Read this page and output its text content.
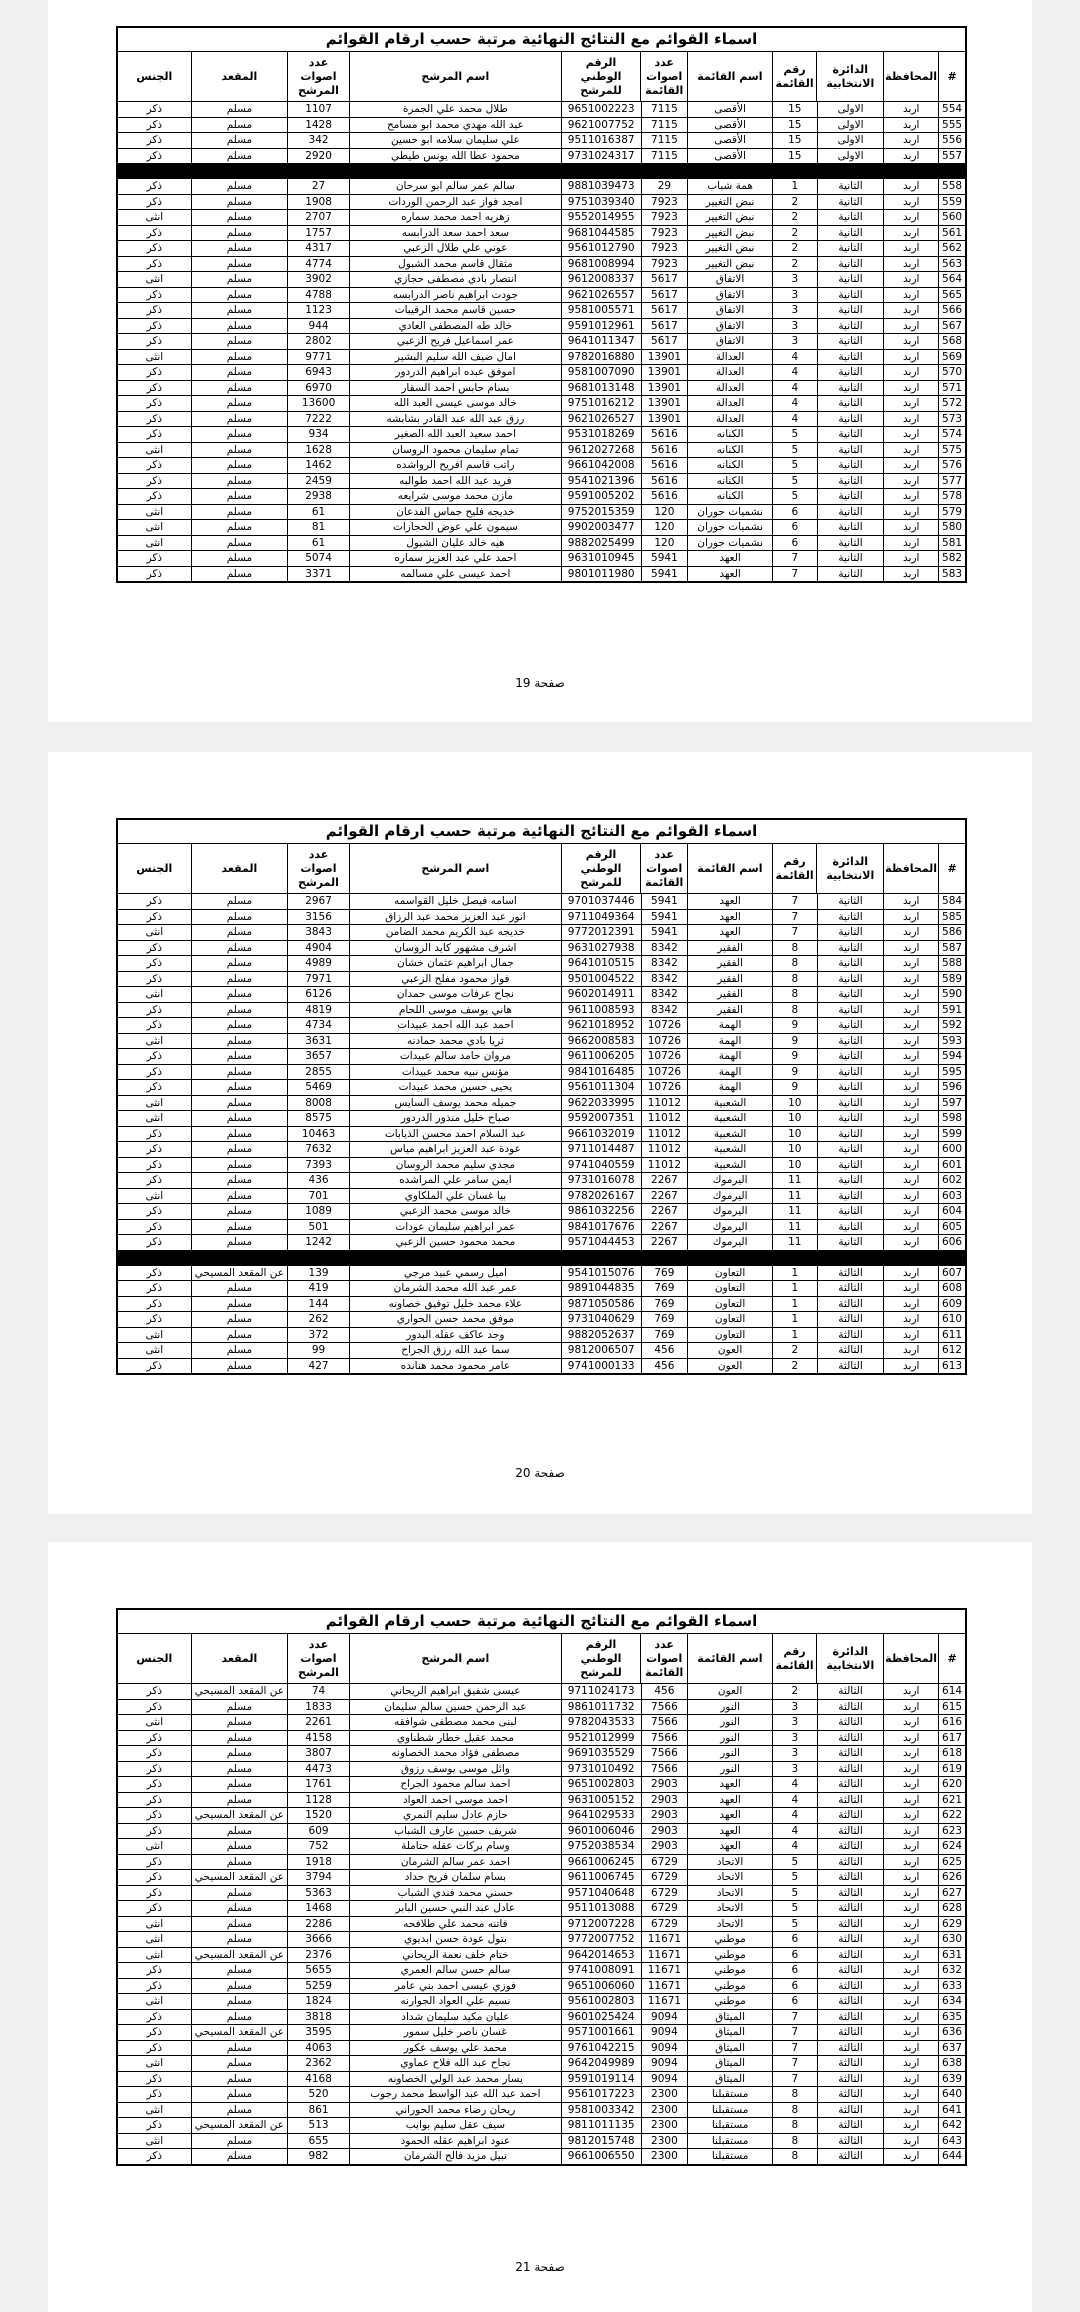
اسماء القوائم مع النتائج النهائية مرتبة حسب ارقام القوائم
#
المحافظة
الدائرة الانتخابية
رقم القائمة
اسم القائمة
عدد اصوات القائمة
الرقم الوطني للمرشح
اسم المرشح
عدد اصوات المرشح
المقعد
الجنس
554
اربد
الاولى
15
الأقصى
7115
9651002223
طلال محمد علي الجمرة
1107
مسلم
ذكر
555
اربد
الاولى
15
الأقصى
7115
9621007752
عبد الله مهدي محمد ابو مسامح
1428
مسلم
ذكر
556
اربد
الاولى
15
الأقصى
7115
9511016387
علي سليمان سلامه ابو حسين
342
مسلم
ذكر
557
اربد
الاولى
15
الأقصى
7115
9731024317
محمود عطا الله يونس طيطي
2920
مسلم
ذكر
558
اربد
الثانية
1
همة شباب
29
9881039473
سالم عمر سالم ابو سرحان
27
مسلم
ذكر
559
اربد
الثانية
2
نبض التغيير
7923
9751039340
امجد فواز عبد الرحمن الوردات
1908
مسلم
ذكر
560
اربد
الثانية
2
نبض التغيير
7923
9552014955
زهريه احمد محمد سماره
2707
مسلم
انثى
561
اربد
الثانية
2
نبض التغيير
7923
9681044585
سعد احمد سعد الدرابسه
1757
مسلم
ذكر
562
اربد
الثانية
2
نبض التغيير
7923
9561012790
عوني علي طلال الزعبي
4317
مسلم
ذكر
563
اربد
الثانية
2
نبض التغيير
7923
9681008994
مثقال قاسم محمد الشبول
4774
مسلم
ذكر
564
اربد
الثانية
3
الاتفاق
5617
9612008337
انتصار بادي مصطفى حجازي
3902
مسلم
انثى
565
اربد
الثانية
3
الاتفاق
5617
9621026557
جودت ابراهيم ناصر الدرابسه
4788
مسلم
ذكر
566
اربد
الثانية
3
الاتفاق
5617
9581005571
حسين قاسم محمد الرقيبات
1123
مسلم
ذكر
567
اربد
الثانية
3
الاتفاق
5617
9591012961
خالد طه المصطفى العادي
944
مسلم
ذكر
568
اربد
الثانية
3
الاتفاق
5617
9641011347
عمر اسماعيل فريح الزعبي
2802
مسلم
ذكر
569
اربد
الثانية
4
العدالة
13901
9782016880
امال ضيف الله سليم البشير
9771
مسلم
انثى
570
اربد
الثانية
4
العدالة
13901
9581007090
اموفق عبده ابراهيم الدردور
6943
مسلم
ذكر
571
اربد
الثانية
4
العدالة
13901
9681013148
بسام حابس احمد السقار
6970
مسلم
ذكر
572
اربد
الثانية
4
العدالة
13901
9751016212
خالد موسى عيسى العبد الله
13600
مسلم
ذكر
573
اربد
الثانية
4
العدالة
13901
9621026527
رزق عبد الله عبد القادر بشابشه
7222
مسلم
ذكر
574
اربد
الثانية
5
الكنانه
5616
9531018269
احمد سعيد العبد الله الصغير
934
مسلم
ذكر
575
اربد
الثانية
5
الكنانه
5616
9612027268
تمام سليمان محمود الروسان
1628
مسلم
انثى
576
اربد
الثانية
5
الكنانه
5616
9661042008
راتب قاسم افريح الرواشده
1462
مسلم
ذكر
577
اربد
الثانية
5
الكنانه
5616
9541021396
فريد عبد الله احمد طوالبه
2459
مسلم
ذكر
578
اربد
الثانية
5
الكنانه
5616
9591005202
مازن محمد موسى شرايعه
2938
مسلم
ذكر
579
اربد
الثانية
6
نشميات حوران
120
9752015359
خديجه فليح جماس الفدعان
61
مسلم
انثى
580
اربد
الثانية
6
نشميات حوران
120
9902003477
سيمون علي عوض الحجازات
81
مسلم
انثى
581
اربد
الثانية
6
نشميات حوران
120
9882025499
هيه خالد عليان الشبول
61
مسلم
انثى
582
اربد
الثانية
7
العهد
5941
9631010945
احمد علي عبد العزيز سماره
5074
مسلم
ذكر
583
اربد
الثانية
7
العهد
5941
9801011980
احمد عيسى علي مسالمه
3371
مسلم
ذكر
صفحة 19
اسماء القوائم مع النتائج النهائية مرتبة حسب ارقام القوائم
#
المحافظة
الدائرة الانتخابية
رقم القائمة
اسم القائمة
عدد اصوات القائمة
الرقم الوطني للمرشح
اسم المرشح
عدد اصوات المرشح
المقعد
الجنس
584
اربد
الثانية
7
العهد
5941
9701037446
اسامه فيصل خليل القواسمه
2967
مسلم
ذكر
585
اربد
الثانية
7
العهد
5941
9711049364
انور عبد العزيز محمد عبد الرزاق
3156
مسلم
ذكر
586
اربد
الثانية
7
العهد
5941
9772012391
خديجه عبد الكريم محمد الضامن
3843
مسلم
انثى
587
اربد
الثانية
8
الفقير
8342
9631027938
اشرف مشهور كايد الروسان
4904
مسلم
ذكر
588
اربد
الثانية
8
الفقير
8342
9641010515
جمال ابراهيم عثمان خشان
4989
مسلم
ذكر
589
اربد
الثانية
8
الفقير
8342
9501004522
فواز محمود مفلح الزعبي
7971
مسلم
ذكر
590
اربد
الثانية
8
الفقير
8342
9602014911
نجاح عرفات موسى حمدان
6126
مسلم
انثى
591
اربد
الثانية
8
الفقير
8342
9611008593
هاني يوسف موسى اللحام
4819
مسلم
ذكر
592
اربد
الثانية
9
الهمة
10726
9621018952
احمد عبد الله احمد عبيدات
4734
مسلم
ذكر
593
اربد
الثانية
9
الهمة
10726
9662008583
ثريا بادي محمد حمادنه
3631
مسلم
انثى
594
اربد
الثانية
9
الهمة
10726
9611006205
مروان حامد سالم عبيدات
3657
مسلم
ذكر
595
اربد
الثانية
9
الهمة
10726
9841016485
مؤنس نبيه محمد عبيدات
2855
مسلم
ذكر
596
اربد
الثانية
9
الهمة
10726
9561011304
يحيى حسين محمد عبيدات
5469
مسلم
ذكر
597
اربد
الثانية
10
الشعبية
11012
9622033995
جميله محمد يوسف السايس
8008
مسلم
انثى
598
اربد
الثانية
10
الشعبية
11012
9592007351
صباح خليل منذور الدردور
8575
مسلم
انثى
599
اربد
الثانية
10
الشعبية
11012
9661032019
عبد السلام احمد محسن الذيابات
10463
مسلم
ذكر
600
اربد
الثانية
10
الشعبية
11012
9711014487
عودة عبد العزيز ابراهيم مياس
7632
مسلم
ذكر
601
اربد
الثانية
10
الشعبية
11012
9741040559
مجدي سليم محمد الروسان
7393
مسلم
ذكر
602
اربد
الثانية
11
اليرموك
2267
9731016078
ايمن سامر علي المراشده
436
مسلم
ذكر
603
اربد
الثانية
11
اليرموك
2267
9782026167
بيا غسان علي الملكاوي
701
مسلم
انثى
604
اربد
الثانية
11
اليرموك
2267
9861032256
خالد موسى محمد الزعبي
1089
مسلم
ذكر
605
اربد
الثانية
11
اليرموك
2267
9841017676
عمر ابراهيم سليمان عودات
501
مسلم
ذكر
606
اربد
الثانية
11
اليرموك
2267
9571044453
محمد محمود حسين الزعبي
1242
مسلم
ذكر
607
اربد
الثالثة
1
التعاون
769
9541015076
اميل رسمي عبيد مرجي
139
عن المقعد المسيحي
ذكر
608
اربد
الثالثة
1
التعاون
769
9891044835
عمر عبد الله محمد الشرمان
419
مسلم
ذكر
609
اربد
الثالثة
1
التعاون
769
9871050586
علاء محمد خليل توفيق خصاونه
144
مسلم
ذكر
610
اربد
الثالثة
1
التعاون
769
9731040629
موفق محمد حسن الحواري
262
مسلم
ذكر
611
اربد
الثالثة
1
التعاون
769
9882052637
وجد عاكف عقله البدور
372
مسلم
انثى
612
اربد
الثالثة
2
العون
456
9812006507
سما عبد الله رزق الجراح
99
مسلم
انثى
613
اربد
الثالثة
2
العون
456
9741000133
عامر محمود محمد هنانده
427
مسلم
ذكر
صفحة 20
اسماء القوائم مع النتائج النهائية مرتبة حسب ارقام القوائم
#
المحافظة
الدائرة الانتخابية
رقم القائمة
اسم القائمة
عدد اصوات القائمة
الرقم الوطني للمرشح
اسم المرشح
عدد اصوات المرشح
المقعد
الجنس
614
اربد
الثالثة
2
العون
456
9711024173
عيسى شفيق ابراهيم الريحاني
74
عن المقعد المسيحي
ذكر
615
اربد
الثالثة
3
النور
7566
9861011732
عبد الرحمن حسين سالم سليمان
1833
مسلم
ذكر
616
اربد
الثالثة
3
النور
7566
9782043533
لبنى محمد مصطفى شوافقه
2261
مسلم
انثى
617
اربد
الثالثة
3
النور
7566
9521012999
محمد عقيل خطار شطناوي
4158
مسلم
ذكر
618
اربد
الثالثة
3
النور
7566
9691035529
مصطفى فؤاد محمد الخصاونه
3807
مسلم
ذكر
619
اربد
الثالثة
3
النور
7566
9731010492
وائل موسى يوسف رزوق
4473
مسلم
ذكر
620
اربد
الثالثة
4
العهد
2903
9651002803
احمد سالم محمود الجراح
1761
مسلم
ذكر
621
اربد
الثالثة
4
العهد
2903
9631005152
احمد موسى احمد العواد
1128
مسلم
ذكر
622
اربد
الثالثة
4
العهد
2903
9641029533
حازم عادل سليم النمري
1520
عن المقعد المسيحي
ذكر
623
اربد
الثالثة
4
العهد
2903
9601006046
شريف حسين عارف الشباب
609
مسلم
ذكر
624
اربد
الثالثة
4
العهد
2903
9752038534
وسام بركات عقله حتاملة
752
مسلم
انثى
625
اربد
الثالثة
5
الاتحاد
6729
9661006245
احمد عمر سالم الشرمان
1918
مسلم
ذكر
626
اربد
الثالثة
5
الاتحاد
6729
9611006745
بسام سلمان فريح حداد
3794
عن المقعد المسيحي
ذكر
627
اربد
الثالثة
5
الاتحاد
6729
9571040648
حسني محمد فندي الشباب
5363
مسلم
ذكر
628
اربد
الثالثة
5
الاتحاد
6729
9511013088
عادل عبد النبي حسين البابر
1468
مسلم
ذكر
629
اربد
الثالثة
5
الاتحاد
6729
9712007228
فاتنه محمد علي طلافحه
2286
مسلم
انثى
630
اربد
الثالثة
6
موطني
11671
9772007752
بتول عودة حسن ابديوي
3666
مسلم
انثى
631
اربد
الثالثة
6
موطني
11671
9642014653
ختام خلف نعمة الريحاني
2376
عن المقعد المسيحي
انثى
632
اربد
الثالثة
6
موطني
11671
9741008091
سالم حسن سالم العمري
5655
مسلم
ذكر
633
اربد
الثالثة
6
موطني
11671
9651006060
فوزي عيسى احمد بني عامر
5259
مسلم
ذكر
634
اربد
الثالثة
6
موطني
11671
9561002803
نسيم علي العواد الجوارنه
1824
مسلم
انثى
635
اربد
الثالثة
7
الميثاق
9094
9601025424
عليان مكيد سليمان شداد
3818
مسلم
ذكر
636
اربد
الثالثة
7
الميثاق
9094
9571001661
غسان ناصر خليل سمور
3595
عن المقعد المسيحي
ذكر
637
اربد
الثالثة
7
الميثاق
9094
9761042215
محمد علي يوسف عكور
4063
مسلم
ذكر
638
اربد
الثالثة
7
الميثاق
9094
9642049989
نجاح عبد الله فلاح عماوي
2362
مسلم
انثى
639
اربد
الثالثة
7
الميثاق
9094
9591019114
يسار محمد عبد الولي الخصاونه
4168
مسلم
ذكر
640
اربد
الثالثة
8
مستقبلنا
2300
9561017223
احمد عبد الله عبد الواسط محمد رجوب
520
مسلم
ذكر
641
اربد
الثالثة
8
مستقبلنا
2300
9581003342
ريحان رضاء محمد الحوراني
861
مسلم
انثى
642
اربد
الثالثة
8
مستقبلنا
2300
9811011135
سيف عقل سليم بوايب
513
عن المقعد المسيحي
ذكر
643
اربد
الثالثة
8
مستقبلنا
2300
9812015748
عنود ابراهيم عقله الحمود
655
مسلم
انثى
644
اربد
الثالثة
8
مستقبلنا
2300
9661006550
نبيل مزيد فالح الشرمان
982
مسلم
ذكر
صفحة 21
